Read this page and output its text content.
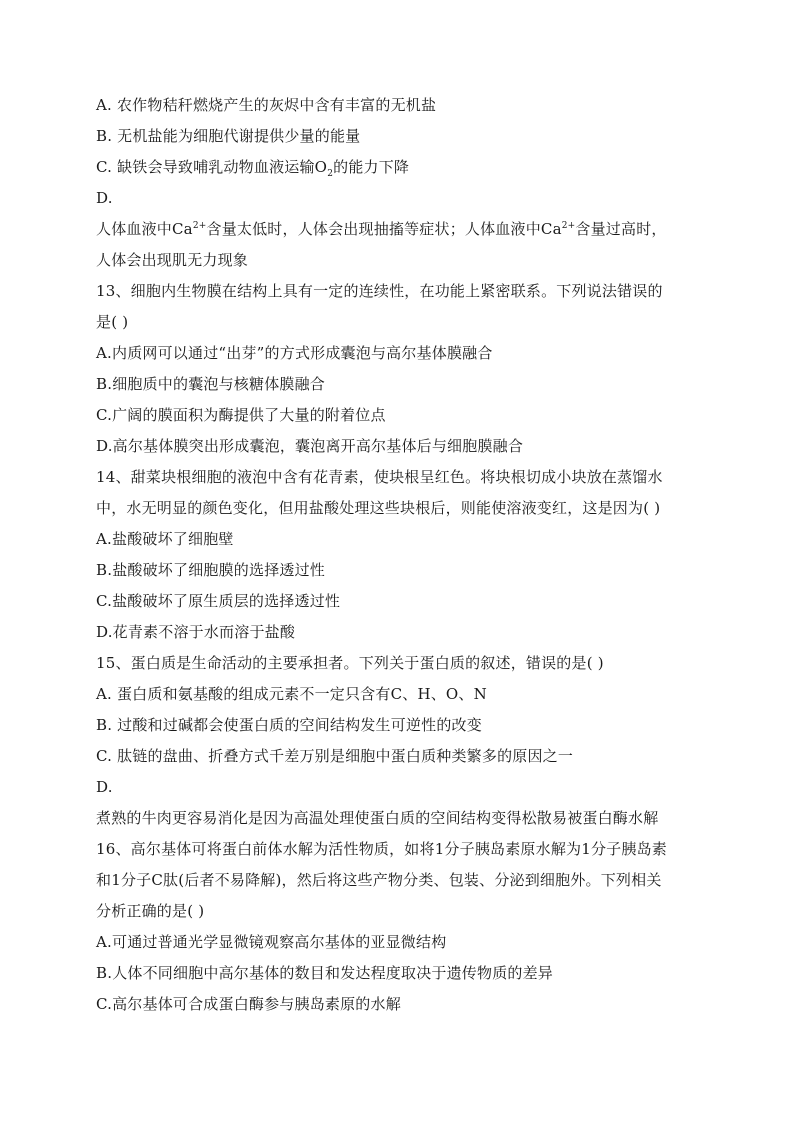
A. 农作物秸秆燃烧产生的灰烬中含有丰富的无机盐
B. 无机盐能为细胞代谢提供少量的能量
C. 缺铁会导致哺乳动物血液运输$O_2$的能力下降
D.
人体血液中$Ca^{2+}$含量太低时，人体会出现抽搐等症状；人体血液中$Ca^{2+}$含量过高时，
人体会出现肌无力现象
13、细胞内生物膜在结构上具有一定的连续性，在功能上紧密联系。下列说法错误的
是( )
A.内质网可以通过“出芽”的方式形成囊泡与高尔基体膜融合
B.细胞质中的囊泡与核糖体膜融合
C.广阔的膜面积为酶提供了大量的附着位点
D.高尔基体膜突出形成囊泡，囊泡离开高尔基体后与细胞膜融合
14、甜菜块根细胞的液泡中含有花青素，使块根呈红色。将块根切成小块放在蒸馏水
中，水无明显的颜色变化，但用盐酸处理这些块根后，则能使溶液变红，这是因为( )
A.盐酸破坏了细胞壁
B.盐酸破坏了细胞膜的选择透过性
C.盐酸破坏了原生质层的选择透过性
D.花青素不溶于水而溶于盐酸
15、蛋白质是生命活动的主要承担者。下列关于蛋白质的叙述，错误的是( )
A. 蛋白质和氨基酸的组成元素不一定只含有C、H、O、N
B. 过酸和过碱都会使蛋白质的空间结构发生可逆性的改变
C. 肽链的盘曲、折叠方式千差万别是细胞中蛋白质种类繁多的原因之一
D.
煮熟的牛肉更容易消化是因为高温处理使蛋白质的空间结构变得松散易被蛋白酶水解
16、高尔基体可将蛋白前体水解为活性物质，如将1分子胰岛素原水解为1分子胰岛素
和1分子C肽(后者不易降解)，然后将这些产物分类、包装、分泌到细胞外。下列相关
分析正确的是( )
A.可通过普通光学显微镜观察高尔基体的亚显微结构
B.人体不同细胞中高尔基体的数目和发达程度取决于遗传物质的差异
C.高尔基体可合成蛋白酶参与胰岛素原的水解
